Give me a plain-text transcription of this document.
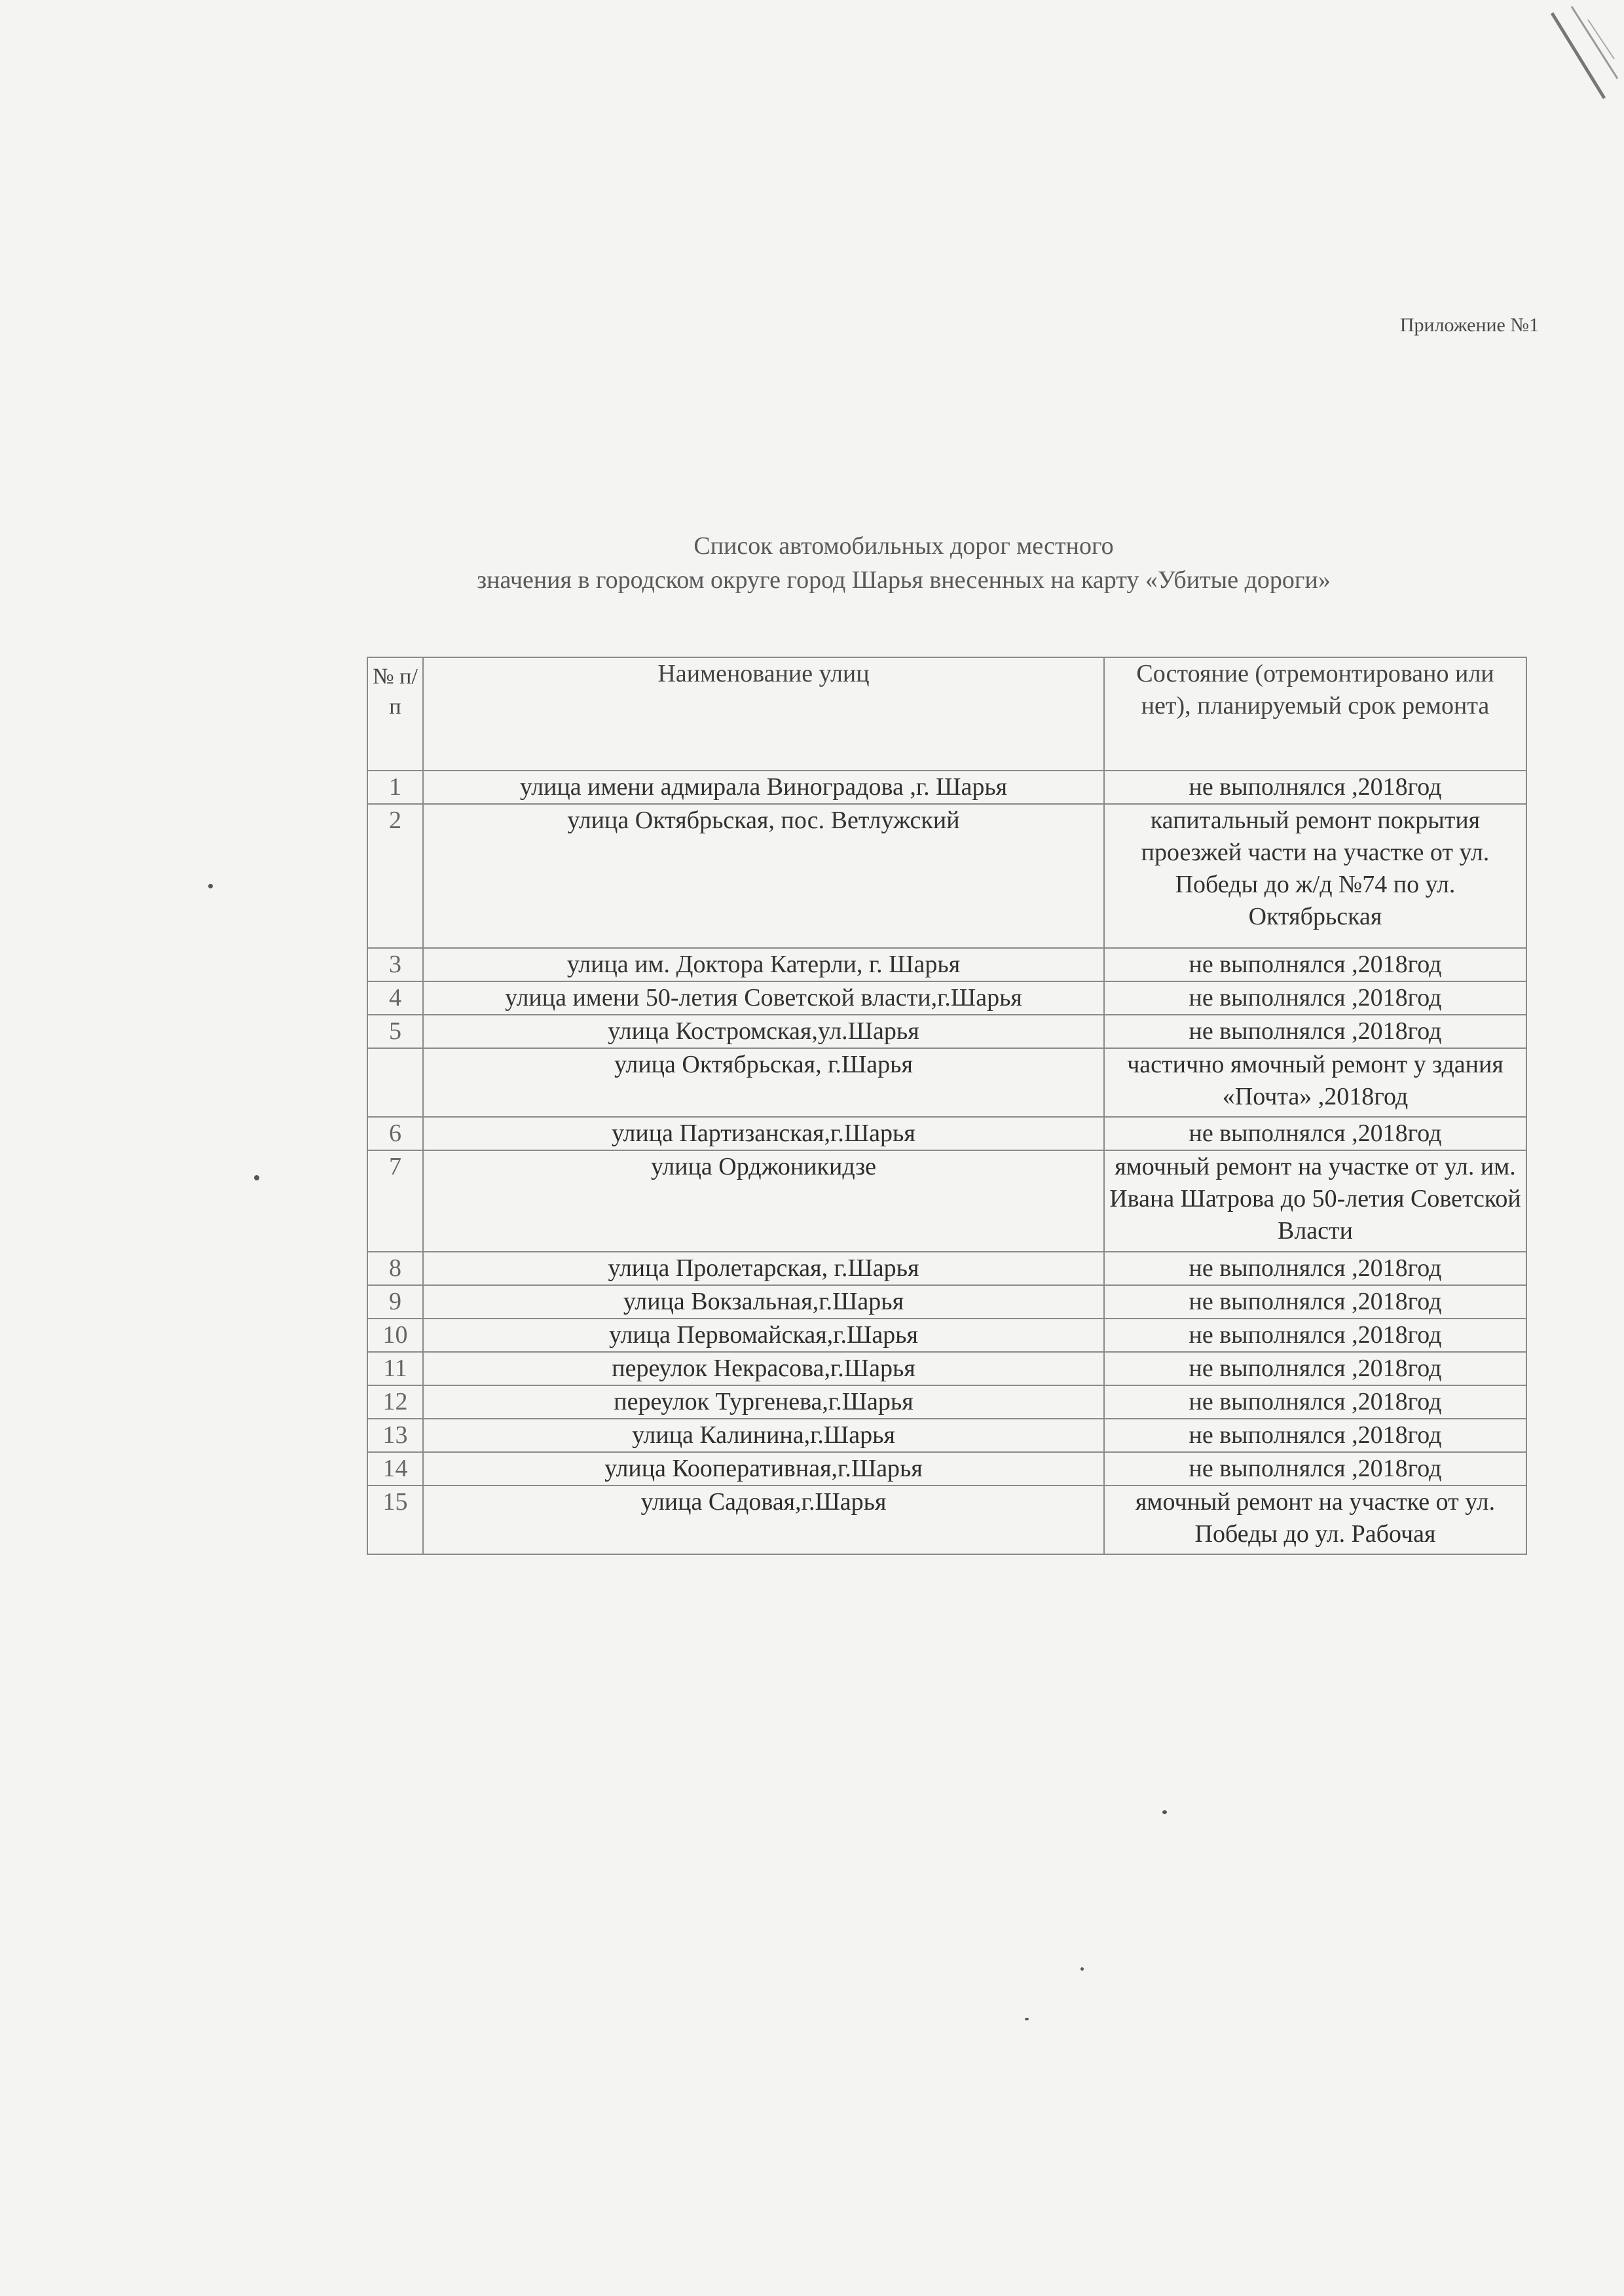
Приложение №1

Список автомобильных дорог местного
значения в городском округе город Шарья внесенных на карту «Убитые дороги»
№ п/п	Наименование улиц	Состояние (отремонтировано или нет), планируемый срок ремонта
1	улица имени адмирала Виноградова ,г. Шарья	не выполнялся ,2018год
2	улица Октябрьская, пос. Ветлужский	капитальный ремонт покрытия проезжей части на участке от ул. Победы до ж/д №74 по ул. Октябрьская
3	улица им. Доктора Катерли, г. Шарья	не выполнялся ,2018год
4	улица имени 50-летия Советской власти,г.Шарья	не выполнялся ,2018год
5	улица Костромская,ул.Шарья	не выполнялся ,2018год
	улица Октябрьская, г.Шарья	частично ямочный ремонт у здания «Почта» ,2018год
6	улица Партизанская,г.Шарья	не выполнялся ,2018год
7	улица Орджоникидзе	ямочный ремонт на участке от ул. им. Ивана Шатрова до 50-летия Советской Власти
8	улица Пролетарская, г.Шарья	не выполнялся ,2018год
9	улица Вокзальная,г.Шарья	не выполнялся ,2018год
10	улица Первомайская,г.Шарья	не выполнялся ,2018год
11	переулок Некрасова,г.Шарья	не выполнялся ,2018год
12	переулок Тургенева,г.Шарья	не выполнялся ,2018год
13	улица Калинина,г.Шарья	не выполнялся ,2018год
14	улица Кооперативная,г.Шарья	не выполнялся ,2018год
15	улица Садовая,г.Шарья	ямочный ремонт на участке от ул. Победы до ул. Рабочая
